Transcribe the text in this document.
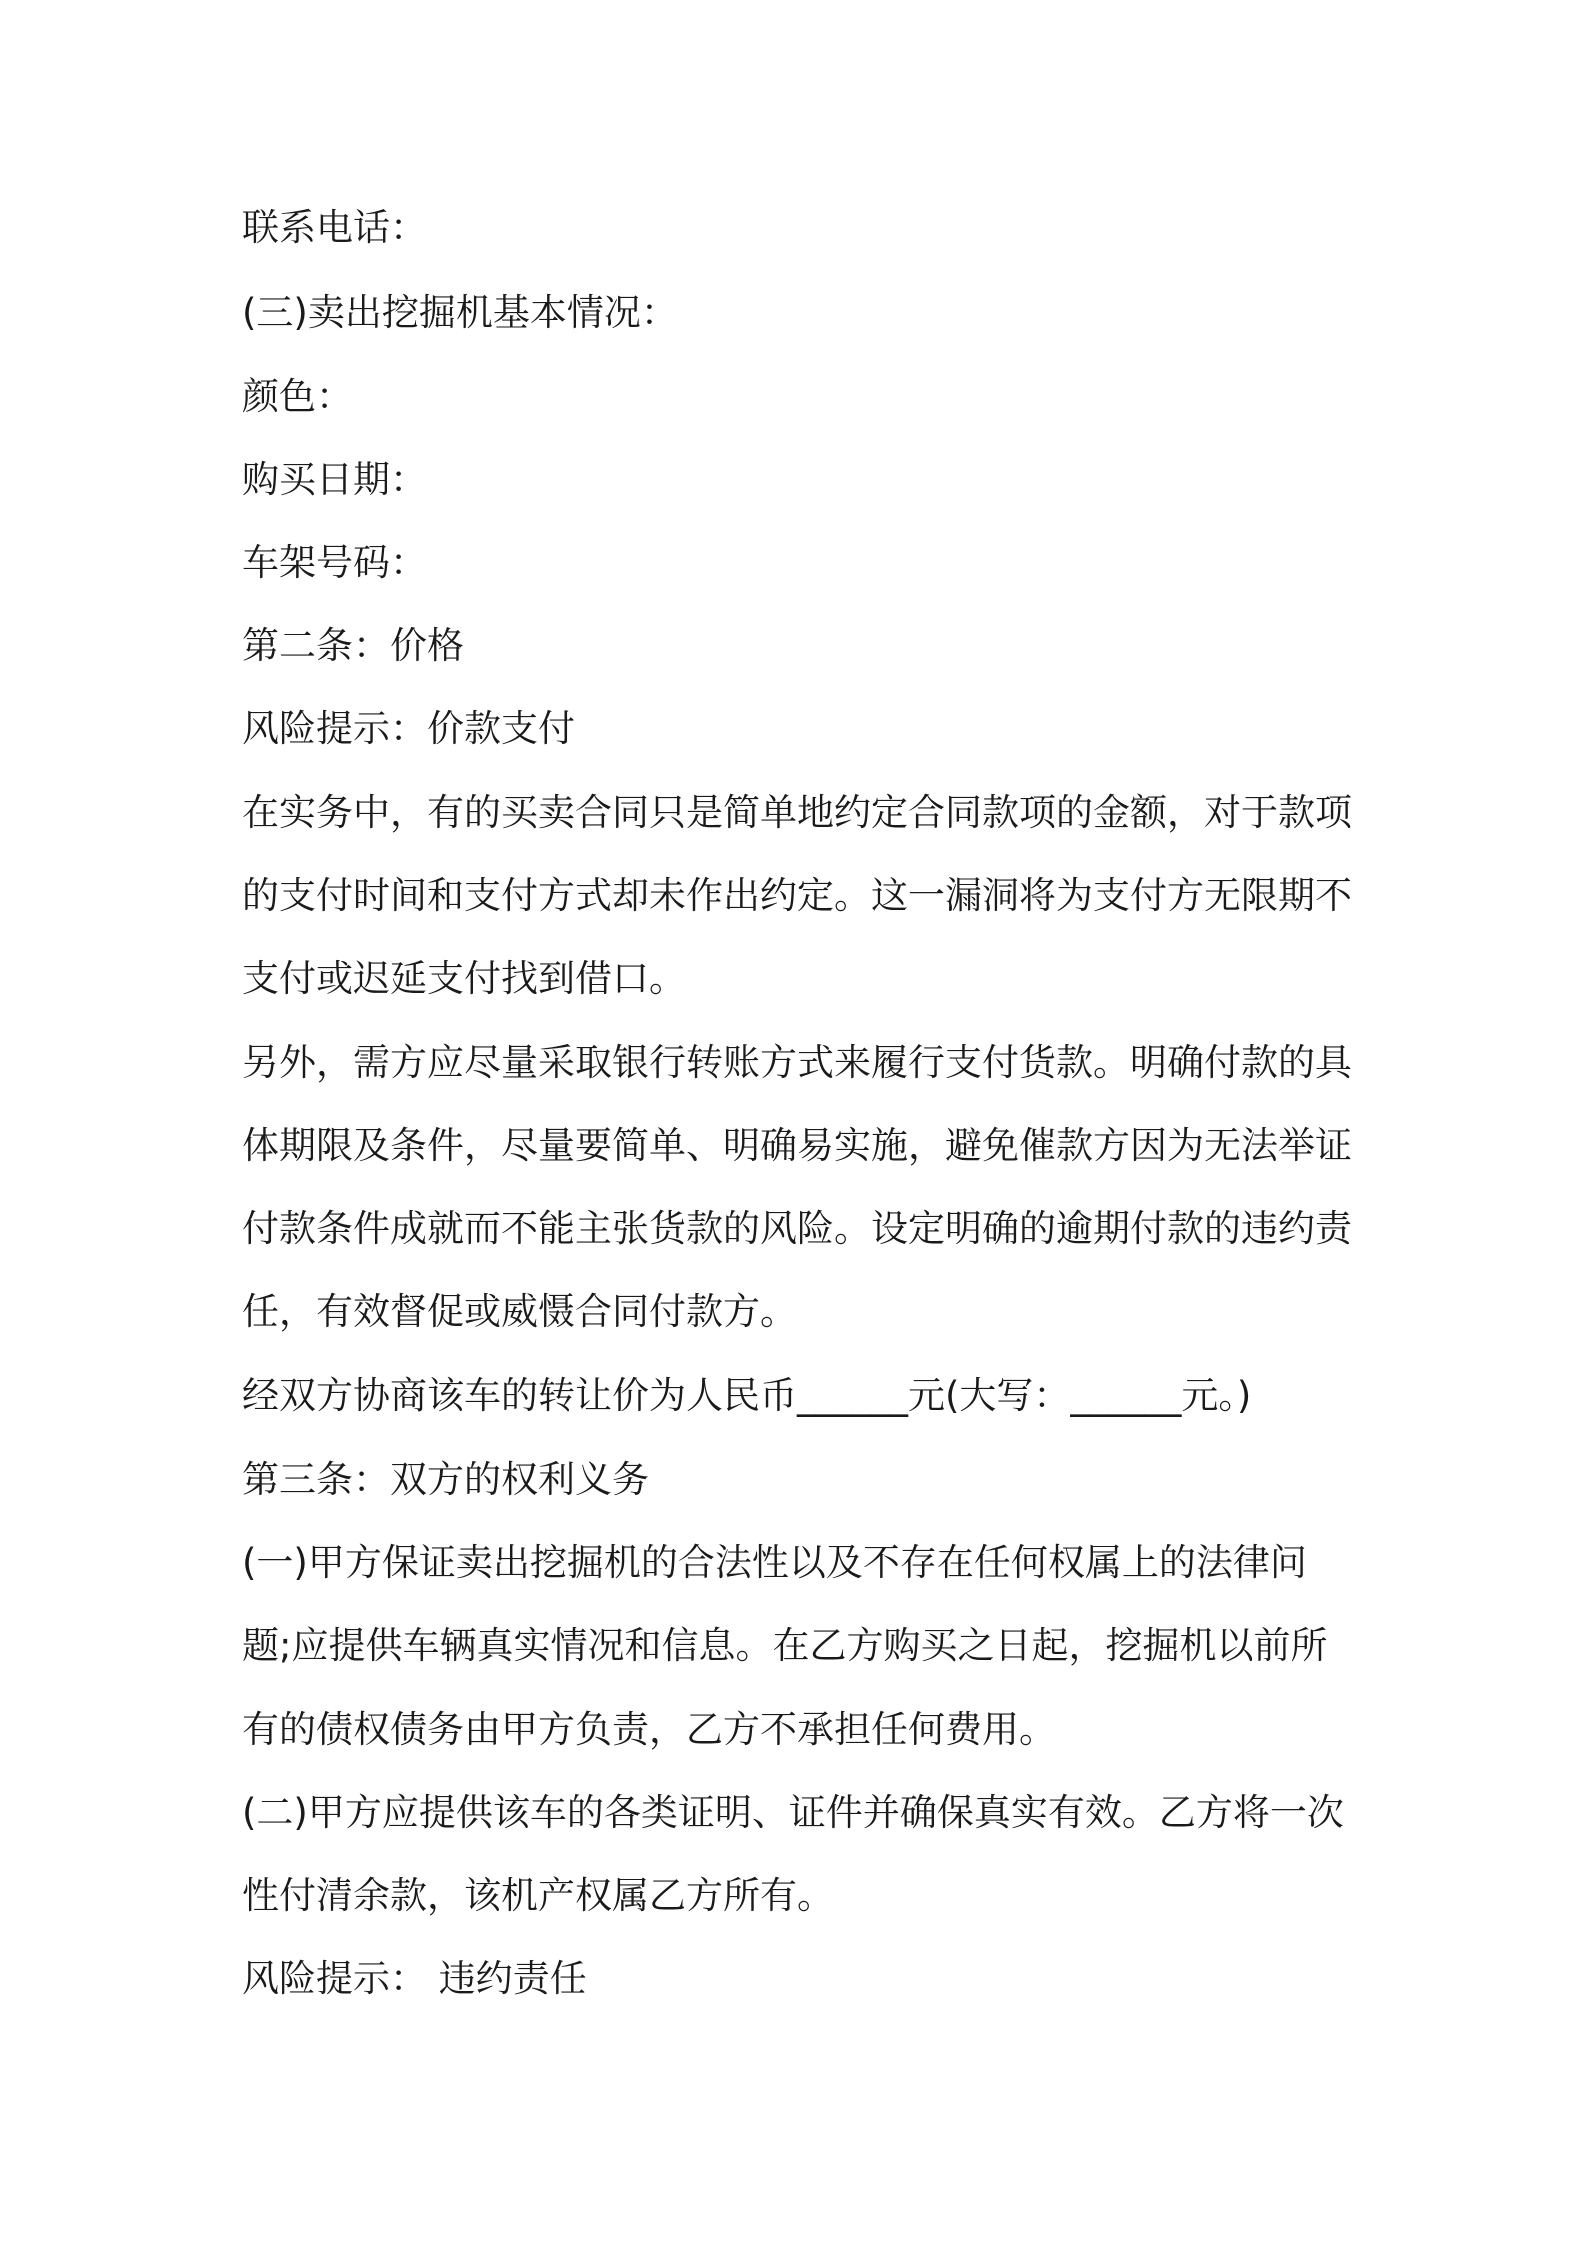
联系电话：
(三)卖出挖掘机基本情况：
颜色：
购买日期：
车架号码：
第二条：价格
风险提示：价款支付
在实务中，有的买卖合同只是简单地约定合同款项的金额，对于款项
的支付时间和支付方式却未作出约定。这一漏洞将为支付方无限期不
支付或迟延支付找到借口。
另外，需方应尽量采取银行转账方式来履行支付货款。明确付款的具
体期限及条件，尽量要简单、明确易实施，避免催款方因为无法举证
付款条件成就而不能主张货款的风险。设定明确的逾期付款的违约责
任，有效督促或威慑合同付款方。
经双方协商该车的转让价为人民币______元(大写：______元。)
第三条：双方的权利义务
(一)甲方保证卖出挖掘机的合法性以及不存在任何权属上的法律问
题;应提供车辆真实情况和信息。在乙方购买之日起，挖掘机以前所
有的债权债务由甲方负责，乙方不承担任何费用。
(二)甲方应提供该车的各类证明、证件并确保真实有效。乙方将一次
性付清余款，该机产权属乙方所有。
风险提示： 违约责任
